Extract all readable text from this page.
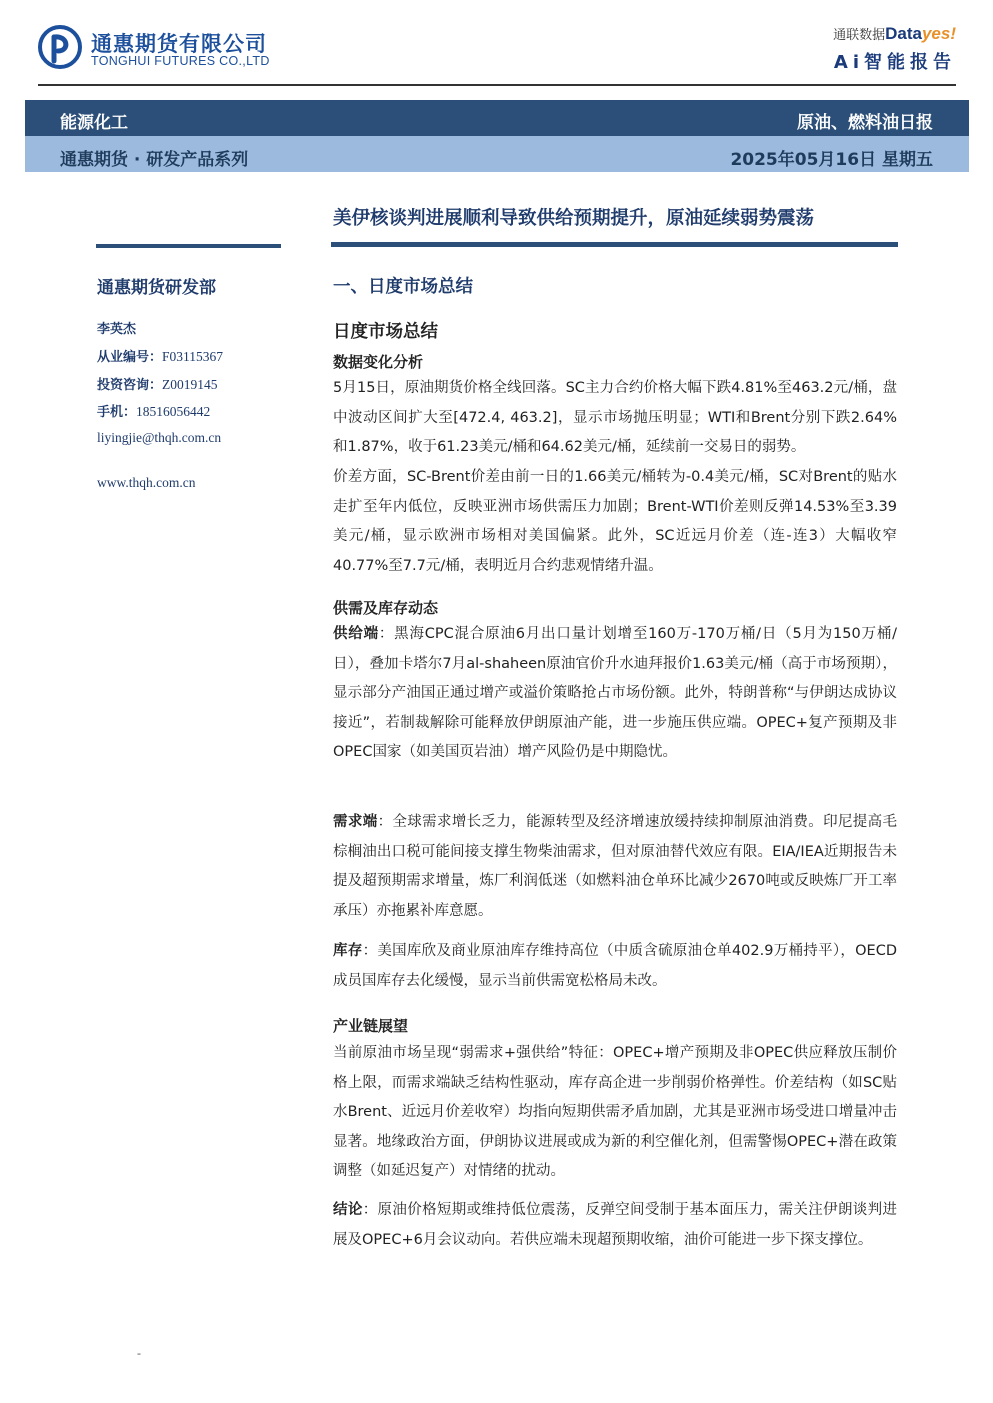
通惠期货有限公司
TONGHUI FUTURES CO.,LTD
通联数据Datayes!
Ai智能报告
能源化工	原油、燃料油日报
通惠期货 · 研发产品系列	2025年05月16日 星期五
美伊核谈判进展顺利导致供给预期提升，原油延续弱势震荡
通惠期货研发部
李英杰
从业编号：F03115367
投资咨询：Z0019145
手机：18516056442
liyingjie@thqh.com.cn
www.thqh.com.cn
一、日度市场总结
日度市场总结
数据变化分析

5月15日，原油期货价格全线回落。SC主力合约价格大幅下跌4.81%至463.2元/桶，盘中波动区间扩大至[472.4, 463.2]，显示市场抛压明显；WTI和Brent分别下跌2.64%和1.87%，收于61.23美元/桶和64.62美元/桶，延续前一交易日的弱势。

价差方面，SC-Brent价差由前一日的1.66美元/桶转为-0.4美元/桶，SC对Brent的贴水走扩至年内低位，反映亚洲市场供需压力加剧；Brent-WTI价差则反弹14.53%至3.39美元/桶，显示欧洲市场相对美国偏紧。此外，SC近远月价差（连-连3）大幅收窄40.77%至7.7元/桶，表明近月合约悲观情绪升温。

供需及库存动态

供给端：黑海CPC混合原油6月出口量计划增至160万-170万桶/日（5月为150万桶/日），叠加卡塔尔7月al-shaheen原油官价升水迪拜报价1.63美元/桶（高于市场预期），显示部分产油国正通过增产或溢价策略抢占市场份额。此外，特朗普称“与伊朗达成协议接近”，若制裁解除可能释放伊朗原油产能，进一步施压供应端。OPEC+复产预期及非OPEC国家（如美国页岩油）增产风险仍是中期隐忧。

需求端：全球需求增长乏力，能源转型及经济增速放缓持续抑制原油消费。印尼提高毛棕榈油出口税可能间接支撑生物柴油需求，但对原油替代效应有限。EIA/IEA近期报告未提及超预期需求增量，炼厂利润低迷（如燃料油仓单环比减少2670吨或反映炼厂开工率承压）亦拖累补库意愿。

库存：美国库欣及商业原油库存维持高位（中质含硫原油仓单402.9万桶持平），OECD成员国库存去化缓慢，显示当前供需宽松格局未改。

产业链展望

当前原油市场呈现“弱需求+强供给”特征：OPEC+增产预期及非OPEC供应释放压制价格上限，而需求端缺乏结构性驱动，库存高企进一步削弱价格弹性。价差结构（如SC贴水Brent、近远月价差收窄）均指向短期供需矛盾加剧，尤其是亚洲市场受进口增量冲击显著。地缘政治方面，伊朗协议进展或成为新的利空催化剂，但需警惕OPEC+潜在政策调整（如延迟复产）对情绪的扰动。

结论：原油价格短期或维持低位震荡，反弹空间受制于基本面压力，需关注伊朗谈判进展及OPEC+6月会议动向。若供应端未现超预期收缩，油价可能进一步下探支撑位。

-
